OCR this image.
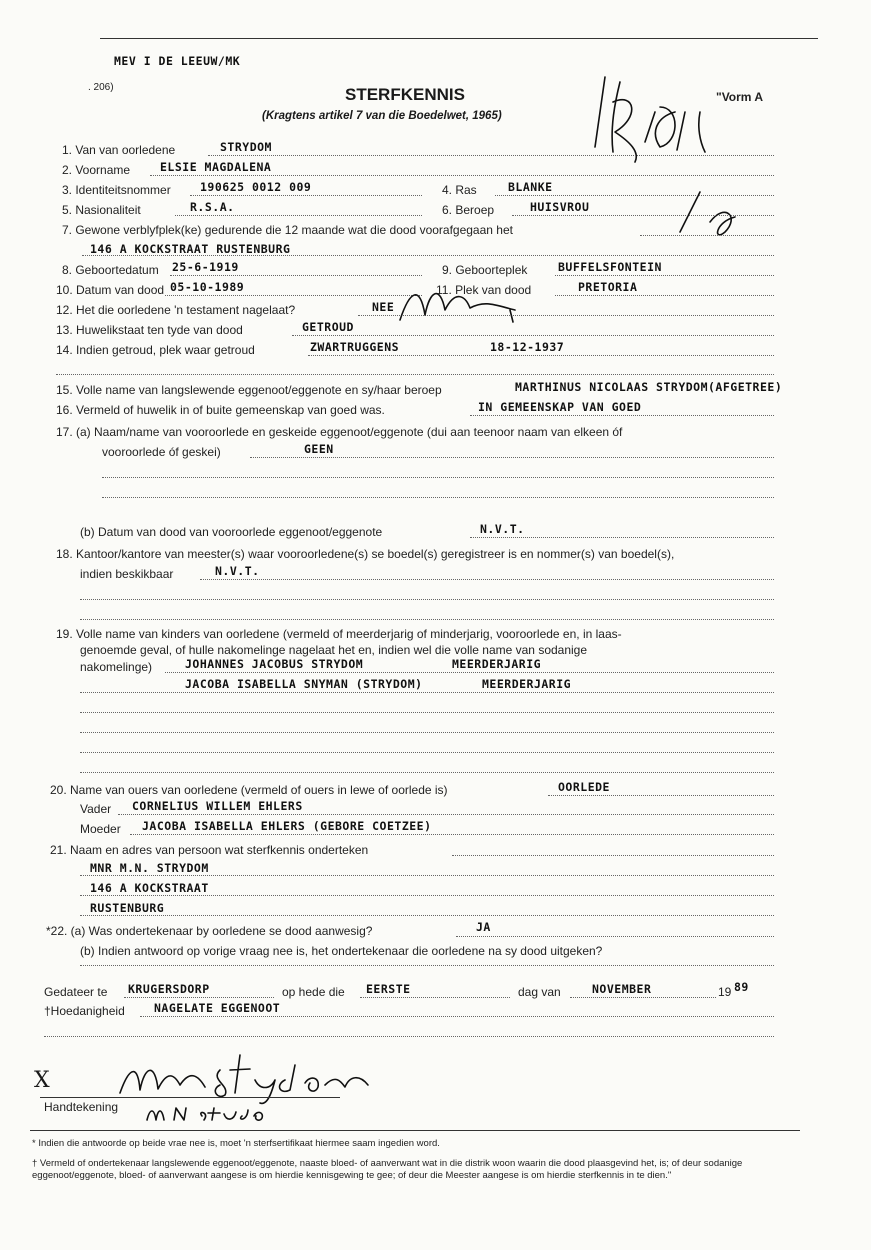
MEV I DE LEEUW/MK
. 206)	STERFKENNIS
(Kragtens artikel 7 van die Boedelwet, 1965)
"Vorm A
1. Van van oorledene	STRYDOM
2. Voorname	ELSIE MAGDALENA
3. Identiteitsnommer	190625 0012 009	4. Ras	BLANKE
5. Nasionaliteit	R.S.A.	6. Beroep	HUISVROU
7. Gewone verblyfplek(ke) gedurende die 12 maande wat die dood voorafgegaan het
146 A KOCKSTRAAT RUSTENBURG
8. Geboortedatum 25-6-1919	9. Geboorteplek	BUFFELSFONTEIN
10. Datum van dood 05-10-1989	11. Plek van dood	PRETORIA
12. Het die oorledene 'n testament nagelaat?	NEE
13. Huwelikstaat ten tyde van dood	GETROUD
14. Indien getroud, plek waar getroud	ZWARTRUGGENS	18-12-1937
15. Volle name van langslewende eggenoot/eggenote en sy/haar beroep	MARTHINUS NICOLAAS STRYDOM(AFGETREE)
16. Vermeld of huwelik in of buite gemeenskap van goed was.	IN GEMEENSKAP VAN GOED
17. (a) Naam/name van vooroorlede en geskeide eggenoot/eggenote (dui aan teenoor naam van elkeen óf
vooroorlede óf geskei)	GEEN
(b) Datum van dood van vooroorlede eggenoot/eggenote	N.V.T.
18. Kantoor/kantore van meester(s) waar vooroorledene(s) se boedel(s) geregistreer is en nommer(s) van boedel(s),
indien beskikbaar	N.V.T.
19. Volle name van kinders van oorledene (vermeld of meerderjarig of minderjarig, vooroorlede en, in laas-
genoemde geval, of hulle nakomelinge nagelaat het en, indien wel die volle name van sodanige
nakomelinge)	JOHANNES JACOBUS STRYDOM	MEERDERJARIG
JACOBA ISABELLA SNYMAN (STRYDOM)	MEERDERJARIG
20. Name van ouers van oorledene (vermeld of ouers in lewe of oorlede is)	OORLEDE
Vader CORNELIUS WILLEM EHLERS
Moeder JACOBA ISABELLA EHLERS (GEBORE COETZEE)
21. Naam en adres van persoon wat sterfkennis onderteken
MNR M.N. STRYDOM
146 A KOCKSTRAAT
RUSTENBURG
*22. (a) Was ondertekenaar by oorledene se dood aanwesig?	JA
(b) Indien antwoord op vorige vraag nee is, het ondertekenaar die oorledene na sy dood uitgeken?
Gedateer te KRUGERSDORP	op hede die EERSTE	dag van	NOVEMBER	19 89
†Hoedanigheid	NAGELATE EGGENOOT
X
Handtekening
* Indien die antwoorde op beide vrae nee is, moet 'n sterfsertifikaat hiermee saam ingedien word.
† Vermeld of ondertekenaar langslewende eggenoot/eggenote, naaste bloed- of aanverwant wat in die distrik woon waarin die dood plaasgevind het, is; of deur sodanige eggenoot/eggenote, bloed- of aanverwant aangese is om hierdie kennisgewing te gee; of deur die Meester aangese is om hierdie sterfkennis in te dien."
